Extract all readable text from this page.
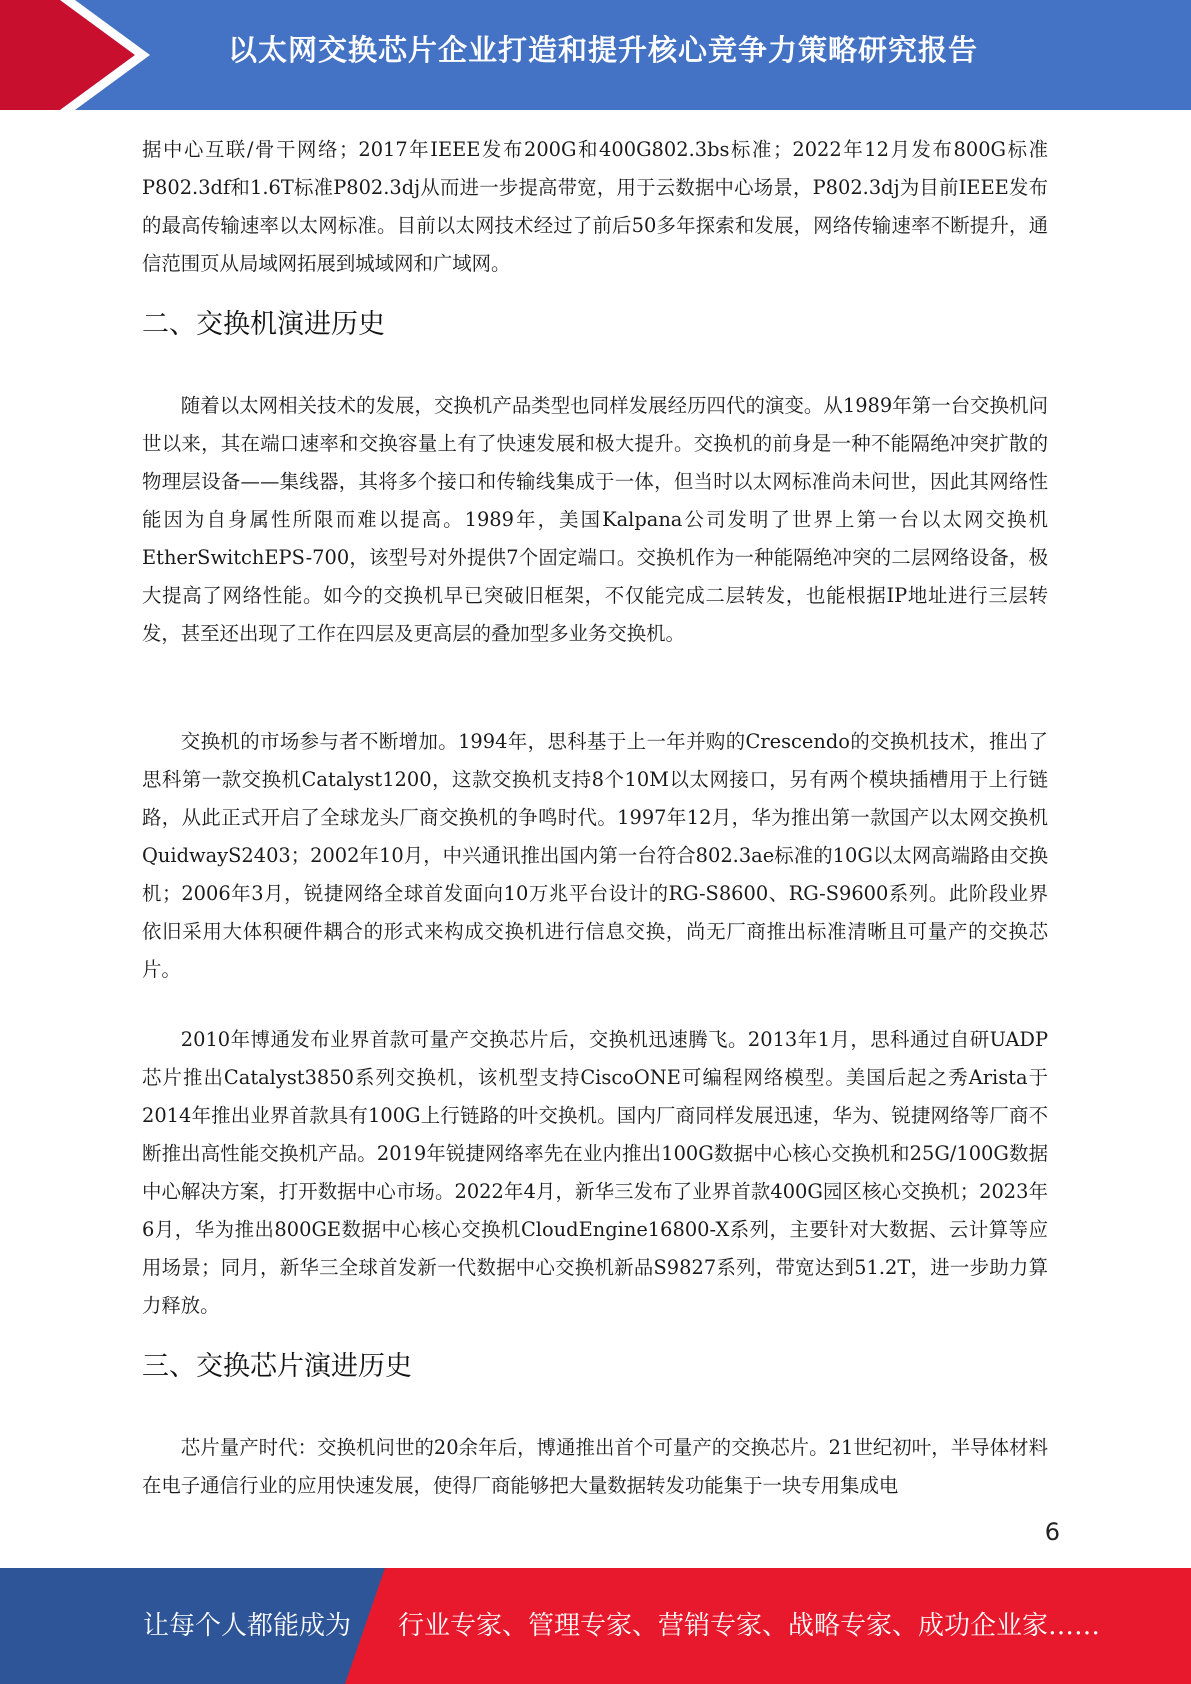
以太网交换芯片企业打造和提升核心竞争力策略研究报告

据中心互联/骨干网络；2017年IEEE发布200G和400G802.3bs标准；2022年12月发布800G标准P802.3df和1.6T标准P802.3dj从而进一步提高带宽，用于云数据中心场景，P802.3dj为目前IEEE发布的最高传输速率以太网标准。目前以太网技术经过了前后50多年探索和发展，网络传输速率不断提升，通信范围页从局域网拓展到城域网和广域网。

二、交换机演进历史

随着以太网相关技术的发展，交换机产品类型也同样发展经历四代的演变。从1989年第一台交换机问世以来，其在端口速率和交换容量上有了快速发展和极大提升。交换机的前身是一种不能隔绝冲突扩散的物理层设备——集线器，其将多个接口和传输线集成于一体，但当时以太网标准尚未问世，因此其网络性能因为自身属性所限而难以提高。1989年，美国Kalpana公司发明了世界上第一台以太网交换机EtherSwitchEPS-700，该型号对外提供7个固定端口。交换机作为一种能隔绝冲突的二层网络设备，极大提高了网络性能。如今的交换机早已突破旧框架，不仅能完成二层转发，也能根据IP地址进行三层转发，甚至还出现了工作在四层及更高层的叠加型多业务交换机。

交换机的市场参与者不断增加。1994年，思科基于上一年并购的Crescendo的交换机技术，推出了思科第一款交换机Catalyst1200，这款交换机支持8个10M以太网接口，另有两个模块插槽用于上行链路，从此正式开启了全球龙头厂商交换机的争鸣时代。1997年12月，华为推出第一款国产以太网交换机QuidwayS2403；2002年10月，中兴通讯推出国内第一台符合802.3ae标准的10G以太网高端路由交换机；2006年3月，锐捷网络全球首发面向10万兆平台设计的RG-S8600、RG-S9600系列。此阶段业界依旧采用大体积硬件耦合的形式来构成交换机进行信息交换，尚无厂商推出标准清晰且可量产的交换芯片。

2010年博通发布业界首款可量产交换芯片后，交换机迅速腾飞。2013年1月，思科通过自研UADP芯片推出Catalyst3850系列交换机，该机型支持CiscoONE可编程网络模型。美国后起之秀Arista于2014年推出业界首款具有100G上行链路的叶交换机。国内厂商同样发展迅速，华为、锐捷网络等厂商不断推出高性能交换机产品。2019年锐捷网络率先在业内推出100G数据中心核心交换机和25G/100G数据中心解决方案，打开数据中心市场。2022年4月，新华三发布了业界首款400G园区核心交换机；2023年6月，华为推出800GE数据中心核心交换机CloudEngine16800-X系列，主要针对大数据、云计算等应用场景；同月，新华三全球首发新一代数据中心交换机新品S9827系列，带宽达到51.2T，进一步助力算力释放。

三、交换芯片演进历史

芯片量产时代：交换机问世的20余年后，博通推出首个可量产的交换芯片。21世纪初叶，半导体材料在电子通信行业的应用快速发展，使得厂商能够把大量数据转发功能集于一块专用集成电

6
让每个人都能成为 行业专家、管理专家、营销专家、战略专家、成功企业家……
